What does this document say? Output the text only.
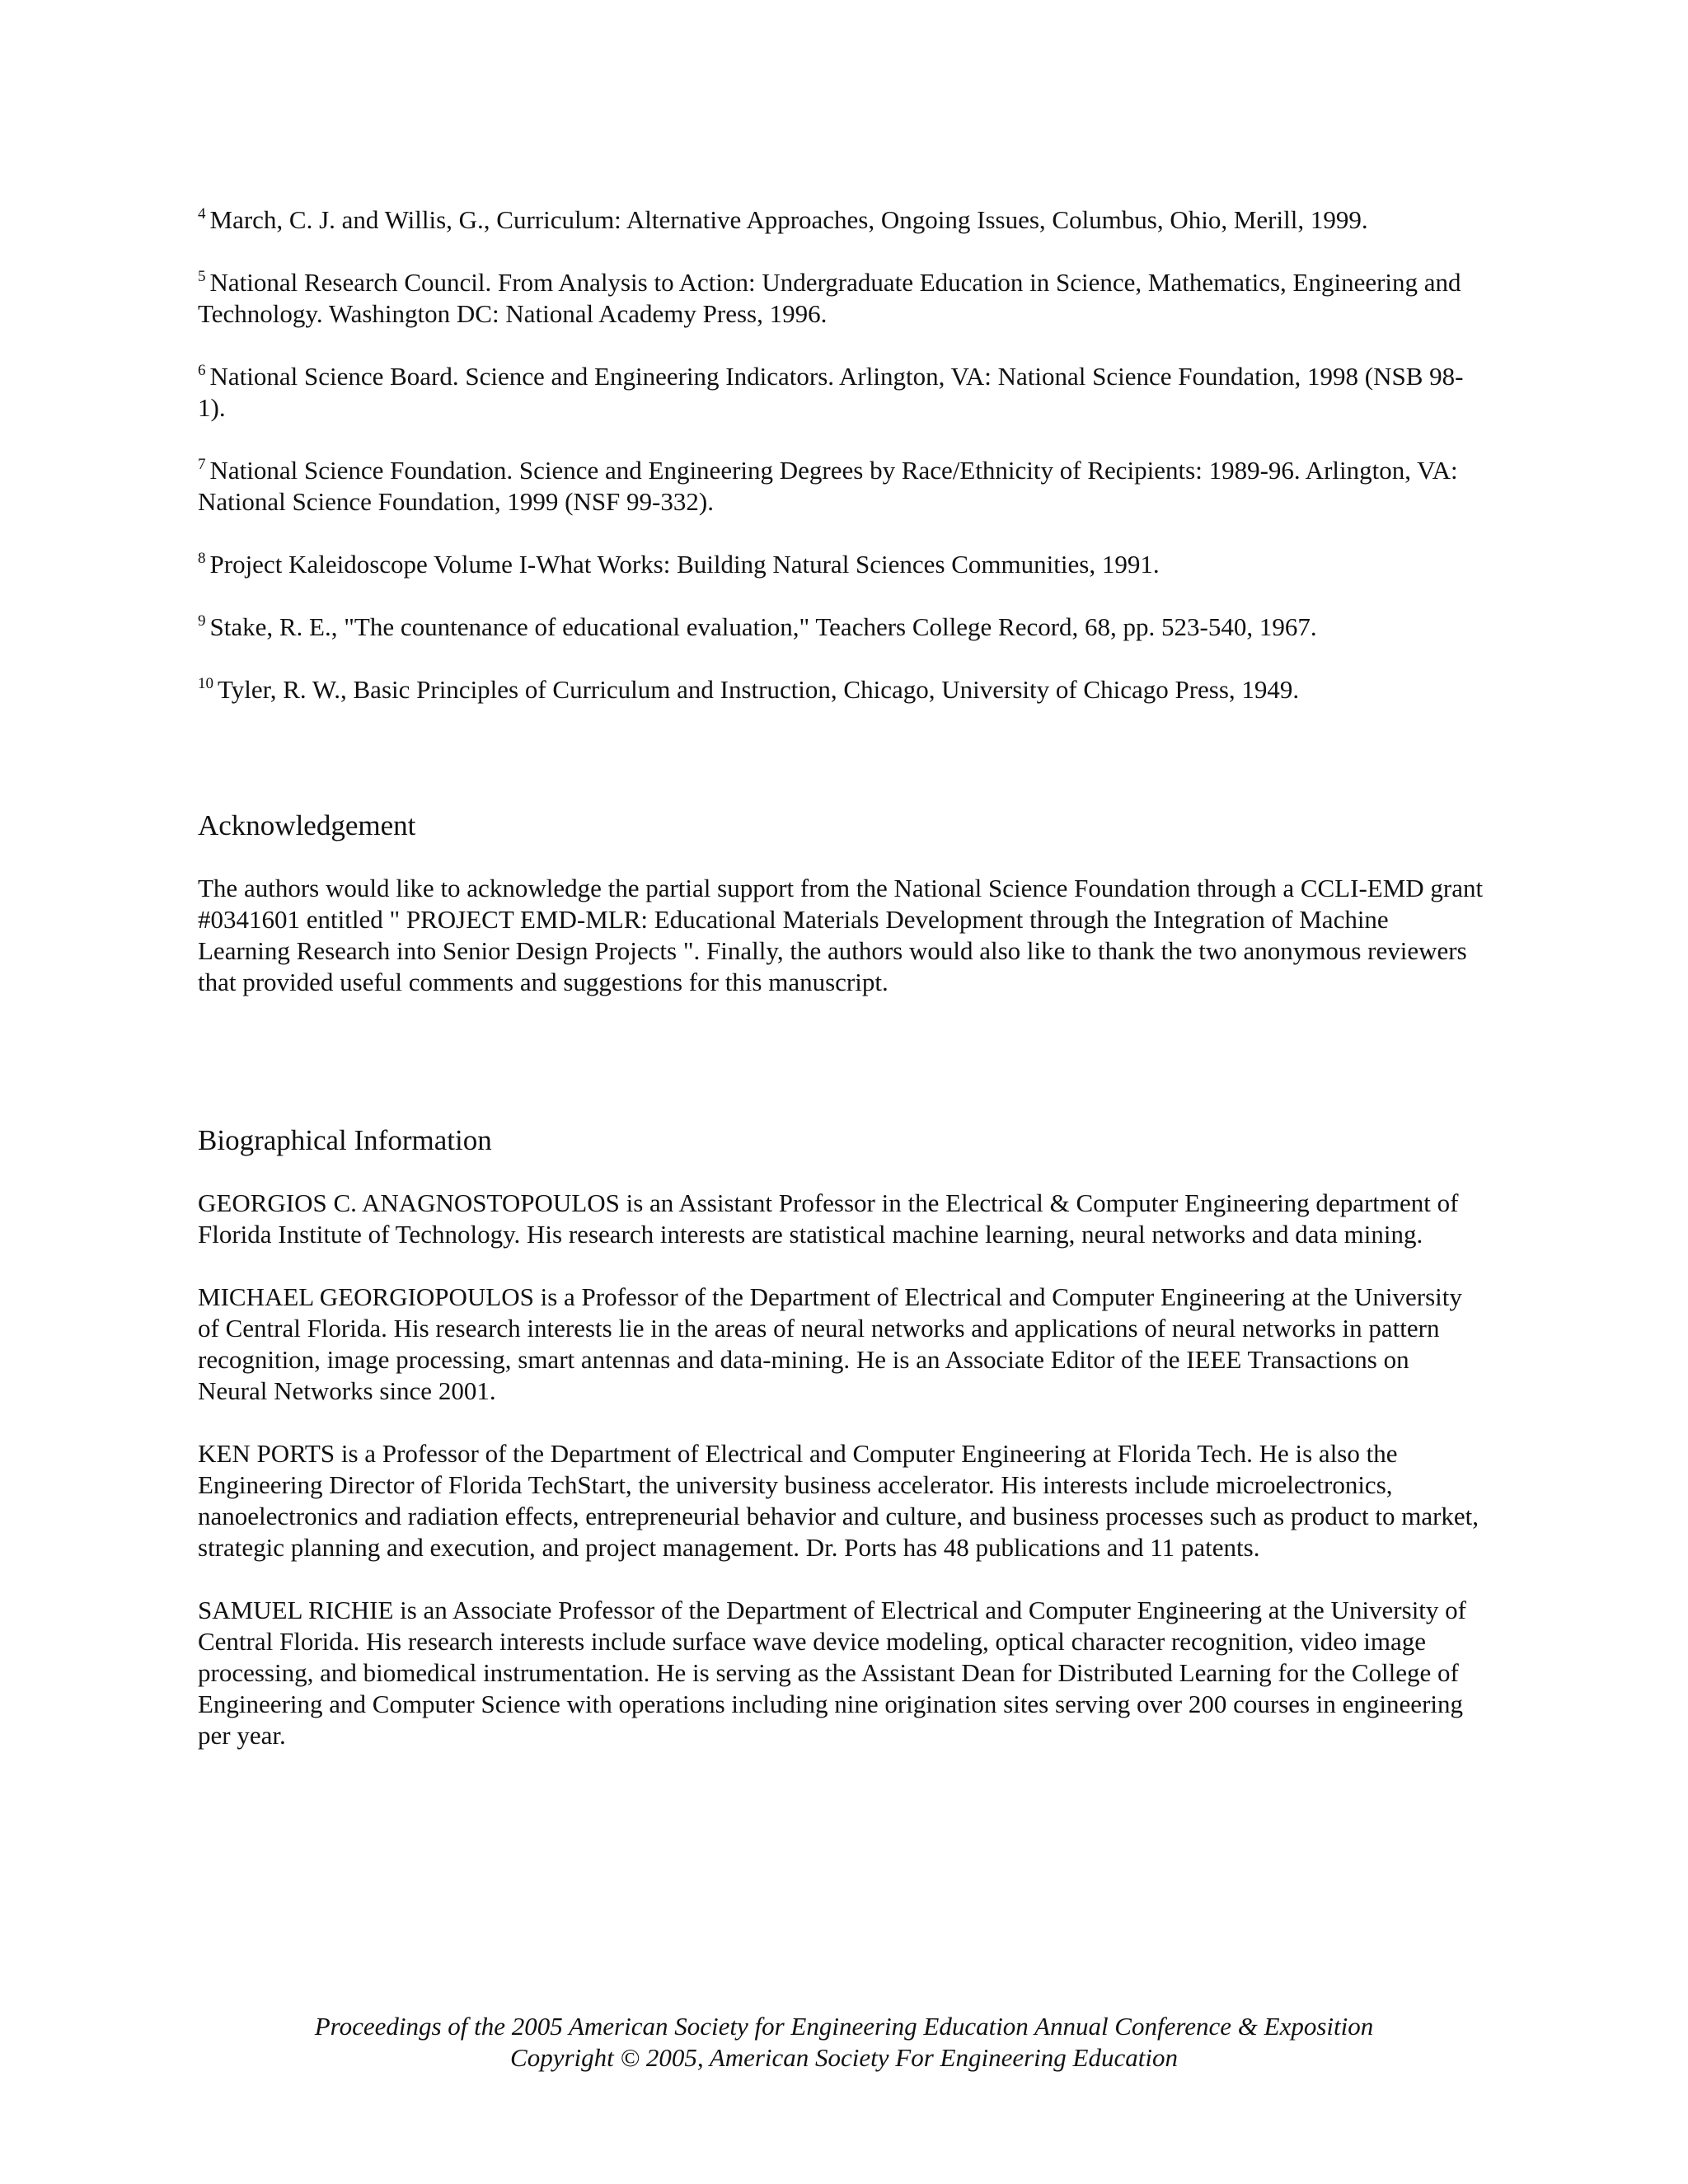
$^4$ March, C. J. and Willis, G., Curriculum: Alternative Approaches, Ongoing Issues, Columbus, Ohio, Merill, 1999.

$^5$ National Research Council. From Analysis to Action: Undergraduate Education in Science, Mathematics, Engineering and Technology. Washington DC: National Academy Press, 1996.

$^6$ National Science Board. Science and Engineering Indicators. Arlington, VA: National Science Foundation, 1998 (NSB 98-1).

$^7$ National Science Foundation. Science and Engineering Degrees by Race/Ethnicity of Recipients: 1989-96. Arlington, VA: National Science Foundation, 1999 (NSF 99-332).

$^8$ Project Kaleidoscope Volume I-What Works: Building Natural Sciences Communities, 1991.

$^9$ Stake, R. E., "The countenance of educational evaluation," Teachers College Record, 68, pp. 523-540, 1967.

$^{10}$ Tyler, R. W., Basic Principles of Curriculum and Instruction, Chicago, University of Chicago Press, 1949.

Acknowledgement

The authors would like to acknowledge the partial support from the National Science Foundation through a CCLI-EMD grant #0341601 entitled " PROJECT EMD-MLR: Educational Materials Development through the Integration of Machine Learning Research into Senior Design Projects ". Finally, the authors would also like to thank the two anonymous reviewers that provided useful comments and suggestions for this manuscript.

Biographical Information

GEORGIOS C. ANAGNOSTOPOULOS is an Assistant Professor in the Electrical & Computer Engineering department of Florida Institute of Technology. His research interests are statistical machine learning, neural networks and data mining.

MICHAEL GEORGIOPOULOS is a Professor of the Department of Electrical and Computer Engineering at the University of Central Florida. His research interests lie in the areas of neural networks and applications of neural networks in pattern recognition, image processing, smart antennas and data-mining. He is an Associate Editor of the IEEE Transactions on Neural Networks since 2001.

KEN PORTS is a Professor of the Department of Electrical and Computer Engineering at Florida Tech. He is also the Engineering Director of Florida TechStart, the university business accelerator. His interests include microelectronics, nanoelectronics and radiation effects, entrepreneurial behavior and culture, and business processes such as product to market, strategic planning and execution, and project management. Dr. Ports has 48 publications and 11 patents.

SAMUEL RICHIE is an Associate Professor of the Department of Electrical and Computer Engineering at the University of Central Florida. His research interests include surface wave device modeling, optical character recognition, video image processing, and biomedical instrumentation. He is serving as the Assistant Dean for Distributed Learning for the College of Engineering and Computer Science with operations including nine origination sites serving over 200 courses in engineering per year.

Proceedings of the 2005 American Society for Engineering Education Annual Conference & Exposition
Copyright © 2005, American Society For Engineering Education
